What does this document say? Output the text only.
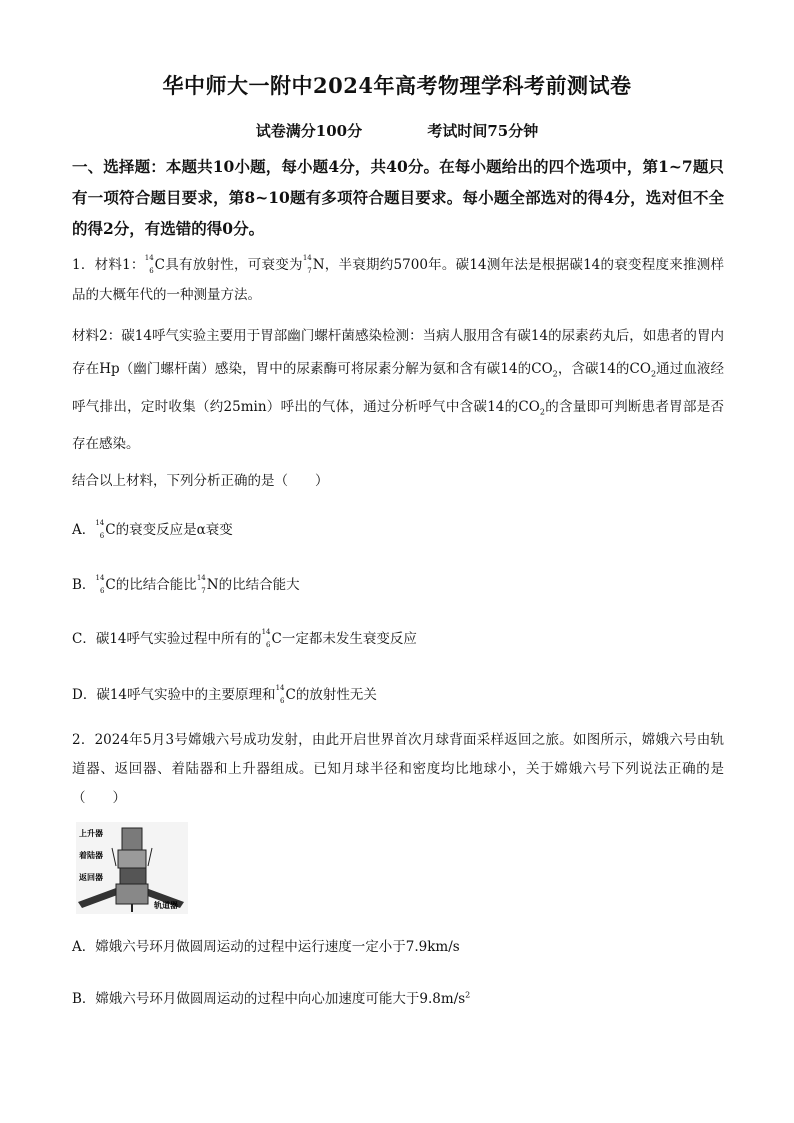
华中师大一附中2024年高考物理学科考前测试卷
试卷满分100分	考试时间75分钟
一、选择题：本题共10小题，每小题4分，共40分。在每小题给出的四个选项中，第1~7题只有一项符合题目要求，第8~10题有多项符合题目要求。每小题全部选对的得4分，选对但不全的得2分，有选错的得0分。
1．材料1： 14
6 C具有放射性，可衰变为 14
7 N，半衰期约5700年。碳14测年法是根据碳14的衰变程度来推测样品的大概年代的一种测量方法。
材料2：碳14呼气实验主要用于胃部幽门螺杆菌感染检测：当病人服用含有碳14的尿素药丸后，如患者的胃内存在Hp（幽门螺杆菌）感染，胃中的尿素酶可将尿素分解为氨和含有碳14的$CO_2$，含碳14的$CO_2$通过血液经呼气排出，定时收集（约25min）呼出的气体，通过分析呼气中含碳14的$CO_2$的含量即可判断患者胃部是否存在感染。
结合以上材料，下列分析正确的是（　　）
A． 14
6 C的衰变反应是α衰变
B． 14
6 C的比结合能比 14
7 N的比结合能大
C．碳14呼气实验过程中所有的 14
6 C一定都未发生衰变反应
D．碳14呼气实验中的主要原理和 14
6 C的放射性无关
2．2024年5月3号嫦娥六号成功发射，由此开启世界首次月球背面采样返回之旅。如图所示，嫦娥六号由轨道器、返回器、着陆器和上升器组成。已知月球半径和密度均比地球小，关于嫦娥六号下列说法正确的是（　　）
上升器
着陆器
返回器
轨道器
A．嫦娥六号环月做圆周运动的过程中运行速度一定小于7.9km/s
B．嫦娥六号环月做圆周运动的过程中向心加速度可能大于$9.8m/s^2$
